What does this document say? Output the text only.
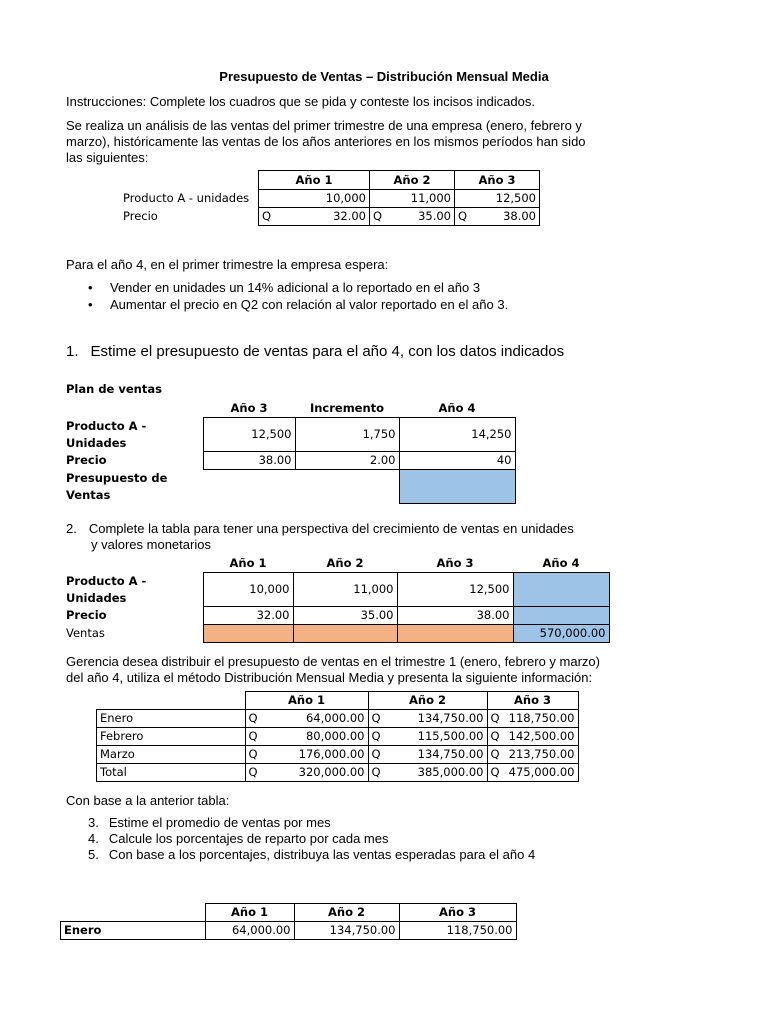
Presupuesto de Ventas – Distribución Mensual Media
Instrucciones: Complete los cuadros que se pida y conteste los incisos indicados.
Se realiza un análisis de las ventas del primer trimestre de una empresa (enero, febrero y
marzo), históricamente las ventas de los años anteriores en los mismos períodos han sido
las siguientes:
	Año 1		Año 2		Año 3	
Producto A - unidades	10,000		11,000		12,500	
Precio	Q	32.00	Q	35.00	Q	38.00
Para el año 4, en el primer trimestre la empresa espera:
• Vender en unidades un 14% adicional a lo reportado en el año 3
• Aumentar el precio en Q2 con relación al valor reportado en el año 3.
1. Estime el presupuesto de ventas para el año 4, con los datos indicados
Plan de ventas
	Año 3	Incremento	Año 4
Producto A - Unidades	12,500	1,750	14,250
Precio	38.00	2.00	40
Presupuesto de Ventas			
2. Complete la tabla para tener una perspectiva del crecimiento de ventas en unidades
y valores monetarios
	Año 1	Año 2	Año 3	Año 4
Producto A - Unidades	10,000	11,000	12,500	
Precio	32.00	35.00	38.00	
Ventas				570,000.00
Gerencia desea distribuir el presupuesto de ventas en el trimestre 1 (enero, febrero y marzo)
del año 4, utiliza el método Distribución Mensual Media y presenta la siguiente información:
	Año 1		Año 2		Año 3	
Enero	Q	64,000.00	Q	134,750.00	Q	118,750.00
Febrero	Q	80,000.00	Q	115,500.00	Q	142,500.00
Marzo	Q	176,000.00	Q	134,750.00	Q	213,750.00
Total	Q	320,000.00	Q	385,000.00	Q	475,000.00
Con base a la anterior tabla:
3. Estime el promedio de ventas por mes
4. Calcule los porcentajes de reparto por cada mes
5. Con base a los porcentajes, distribuya las ventas esperadas para el año 4
	Año 1	Año 2	Año 3
Enero	64,000.00	134,750.00	118,750.00
